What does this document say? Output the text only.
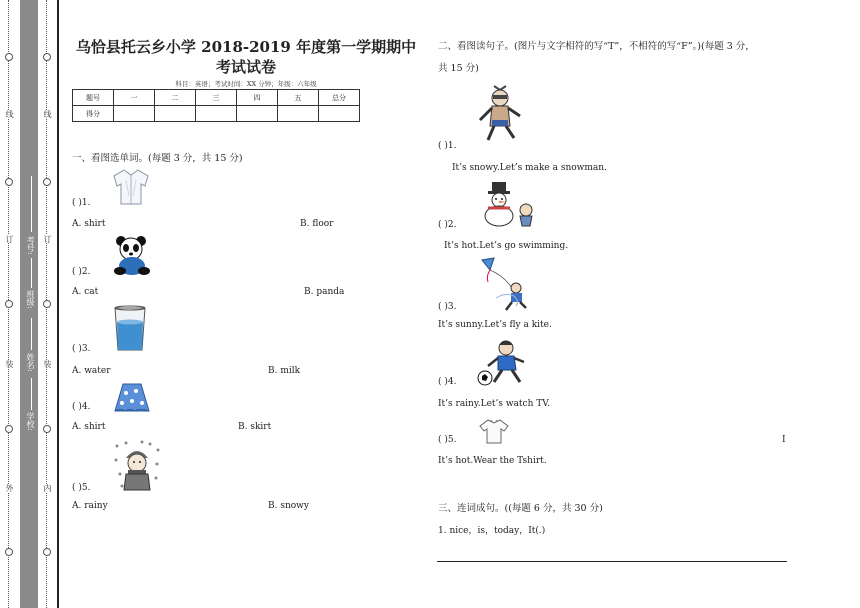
线
订
装
外
线
订
装
内
考号:
班级:
姓名:
学校:
乌恰县托云乡小学 2018-2019 年度第一学期期中
考试试卷
科目：英语；考试时间：XX 分钟；年级：六年级
题号	一	二	三	四	五	总分
得分						
一、看图选单词。(每题 3 分，共 15 分)
( )1.
A. shirt	B. floor
( )2.
A. cat	B. panda
( )3.
A. water	B. milk
( )4.
A. shirt	B. skirt
( )5.
A. rainy	B. snowy
二、看图读句子。(图片与文字相符的写“T”，不相符的写“F”。)(每题 3 分，
共 15 分)
( )1.
It’s snowy.Let’s make a snowman.
( )2.
It’s hot.Let’s go swimming.
( )3.
It’s sunny.Let’s fly a kite.
( )4.
It’s rainy.Let’s watch TV.
( )5.	I
It’s hot.Wear the Tshirt.
三、连词成句。((每题 6 分，共 30 分)
1. nice，is，today，It(.)
